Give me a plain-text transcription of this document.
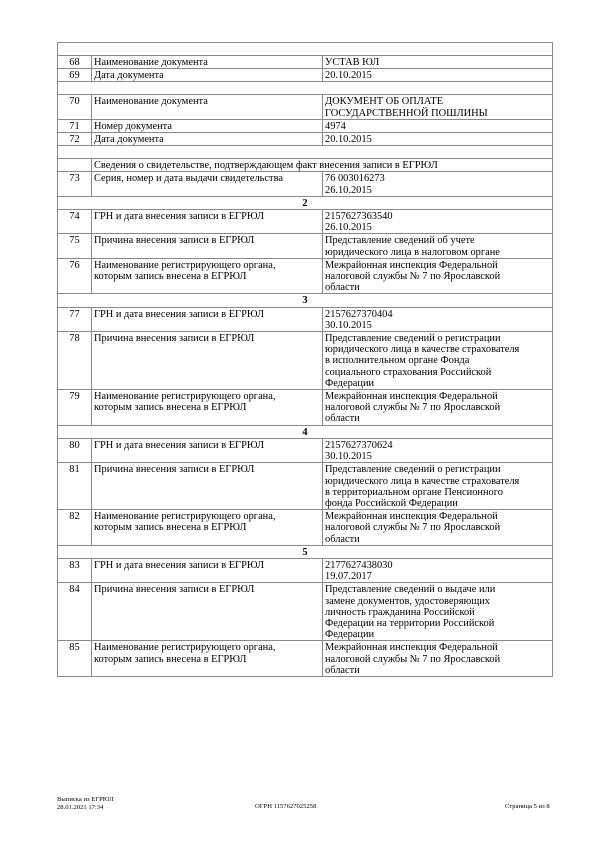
68	Наименование документа	УСТАВ ЮЛ
69	Дата документа	20.10.2015

70	Наименование документа	ДОКУМЕНТ ОБ ОПЛАТЕ
ГОСУДАРСТВЕННОЙ ПОШЛИНЫ
71	Номер документа	4974
72	Дата документа	20.10.2015

	Сведения о свидетельстве, подтверждающем факт внесения записи в ЕГРЮЛ	
73	Серия, номер и дата выдачи свидетельства	76 003016273
26.10.2015
2		
74	ГРН и дата внесения записи в ЕГРЮЛ	2157627363540
26.10.2015
75	Причина внесения записи в ЕГРЮЛ	Представление сведений об учете
юридического лица в налоговом органе
76	Наименование регистрирующего органа,
которым запись внесена в ЕГРЮЛ	Межрайонная инспекция Федеральной
налоговой службы № 7 по Ярославской
области
3		
77	ГРН и дата внесения записи в ЕГРЮЛ	2157627370404
30.10.2015
78	Причина внесения записи в ЕГРЮЛ	Представление сведений о регистрации
юридического лица в качестве страхователя
в исполнительном органе Фонда
социального страхования Российской
Федерации
79	Наименование регистрирующего органа,
которым запись внесена в ЕГРЮЛ	Межрайонная инспекция Федеральной
налоговой службы № 7 по Ярославской
области
4		
80	ГРН и дата внесения записи в ЕГРЮЛ	2157627370624
30.10.2015
81	Причина внесения записи в ЕГРЮЛ	Представление сведений о регистрации
юридического лица в качестве страхователя
в территориальном органе Пенсионного
фонда Российской Федерации
82	Наименование регистрирующего органа,
которым запись внесена в ЕГРЮЛ	Межрайонная инспекция Федеральной
налоговой службы № 7 по Ярославской
области
5		
83	ГРН и дата внесения записи в ЕГРЮЛ	2177627438030
19.07.2017
84	Причина внесения записи в ЕГРЮЛ	Представление сведений о выдаче или
замене документов, удостоверяющих
личность гражданина Российской
Федерации на территории Российской
Федерации
85	Наименование регистрирующего органа,
которым запись внесена в ЕГРЮЛ	Межрайонная инспекция Федеральной
налоговой службы № 7 по Ярославской
области
Выписка из ЕГРЮЛ
28.01.2021 17:34	ОГРН 1157627025258	Страница 5 из 8
